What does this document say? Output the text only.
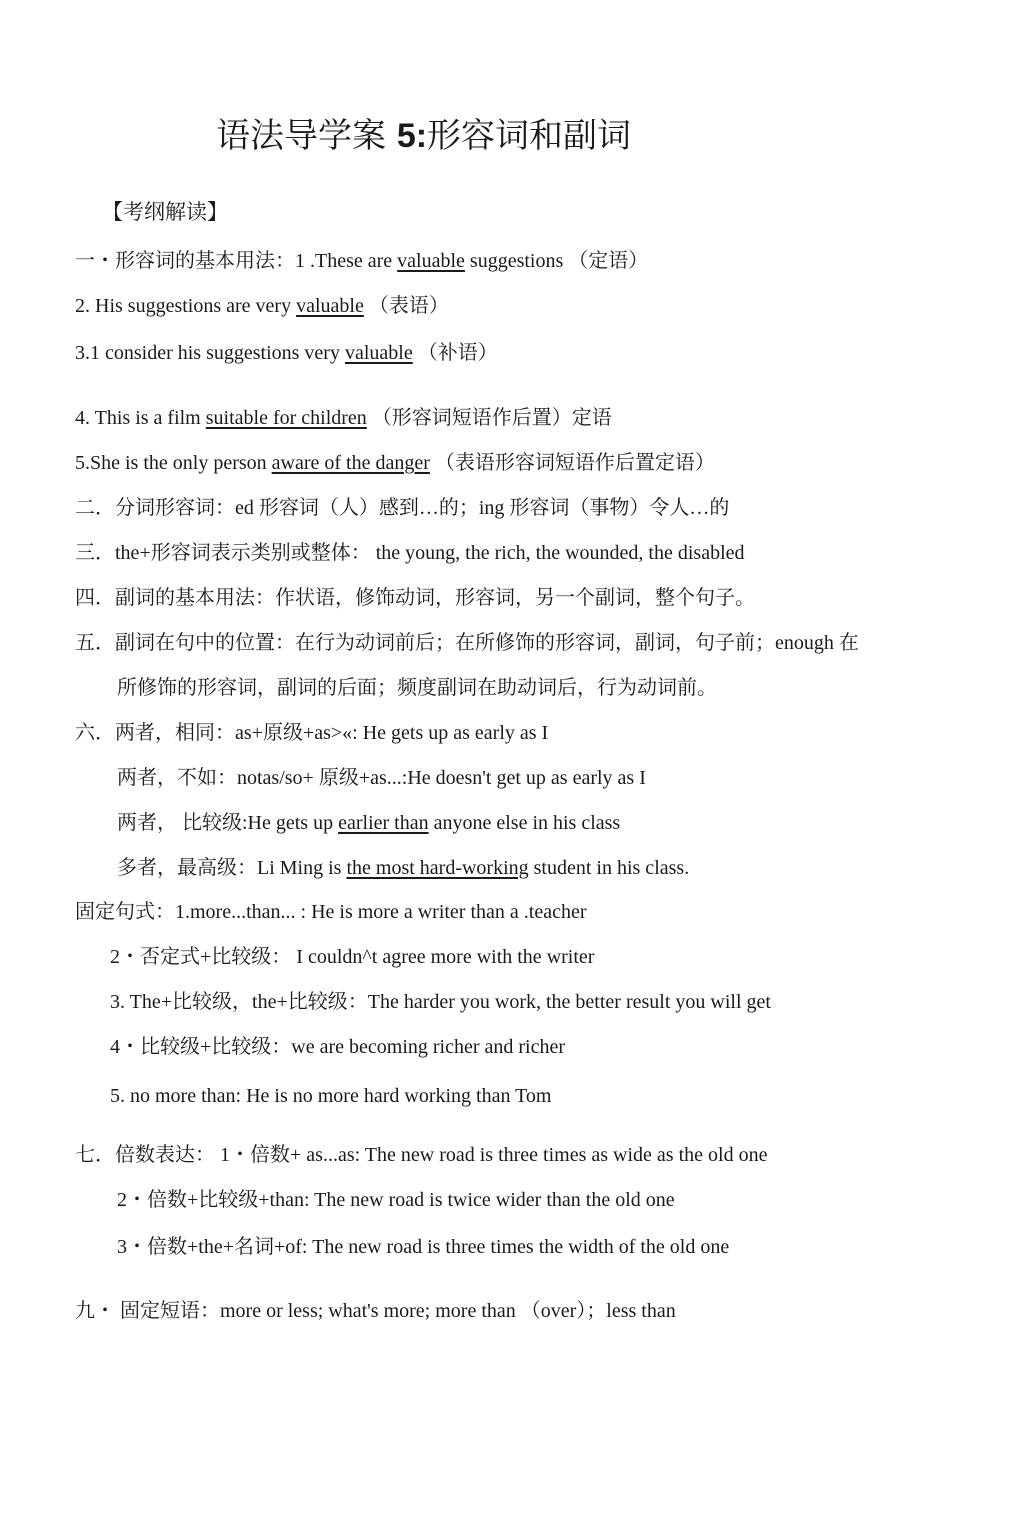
语法导学案 5:形容词和副词
【考纲解读】
一・形容词的基本用法：1 .These are valuable suggestions （定语）
2. His suggestions are very valuable （表语）
3.1 consider his suggestions very valuable （补语）
4. This is a film suitable for children （形容词短语作后置）定语
5.She is the only person aware of the danger （表语形容词短语作后置定语）
二．分词形容词：ed 形容词（人）感到…的；ing 形容词（事物）令人…的
三．the+形容词表示类别或整体： the young, the rich, the wounded, the disabled
四．副词的基本用法：作状语，修饰动词，形容词，另一个副词，整个句子。
五．副词在句中的位置：在行为动词前后；在所修饰的形容词，副词，句子前；enough 在
所修饰的形容词，副词的后面；频度副词在助动词后，行为动词前。
六．两者，相同：as+原级+as>«: He gets up as early as I
两者，不如：notas/so+ 原级+as...:He doesn't get up as early as I
两者， 比较级:He gets up earlier than anyone else in his class
多者，最高级：Li Ming is the most hard-working student in his class.
固定句式：1.more...than... : He is more a writer than a .teacher
2・否定式+比较级： I couldn^t agree more with the writer
3. The+比较级，the+比较级：The harder you work, the better result you will get
4・比较级+比较级：we are becoming richer and richer
5. no more than: He is no more hard working than Tom
七．倍数表达： 1・倍数+ as...as: The new road is three times as wide as the old one
2・倍数+比较级+than: The new road is twice wider than the old one
3・倍数+the+名词+of: The new road is three times the width of the old one
九・ 固定短语：more or less; what's more; more than （over）；less than
